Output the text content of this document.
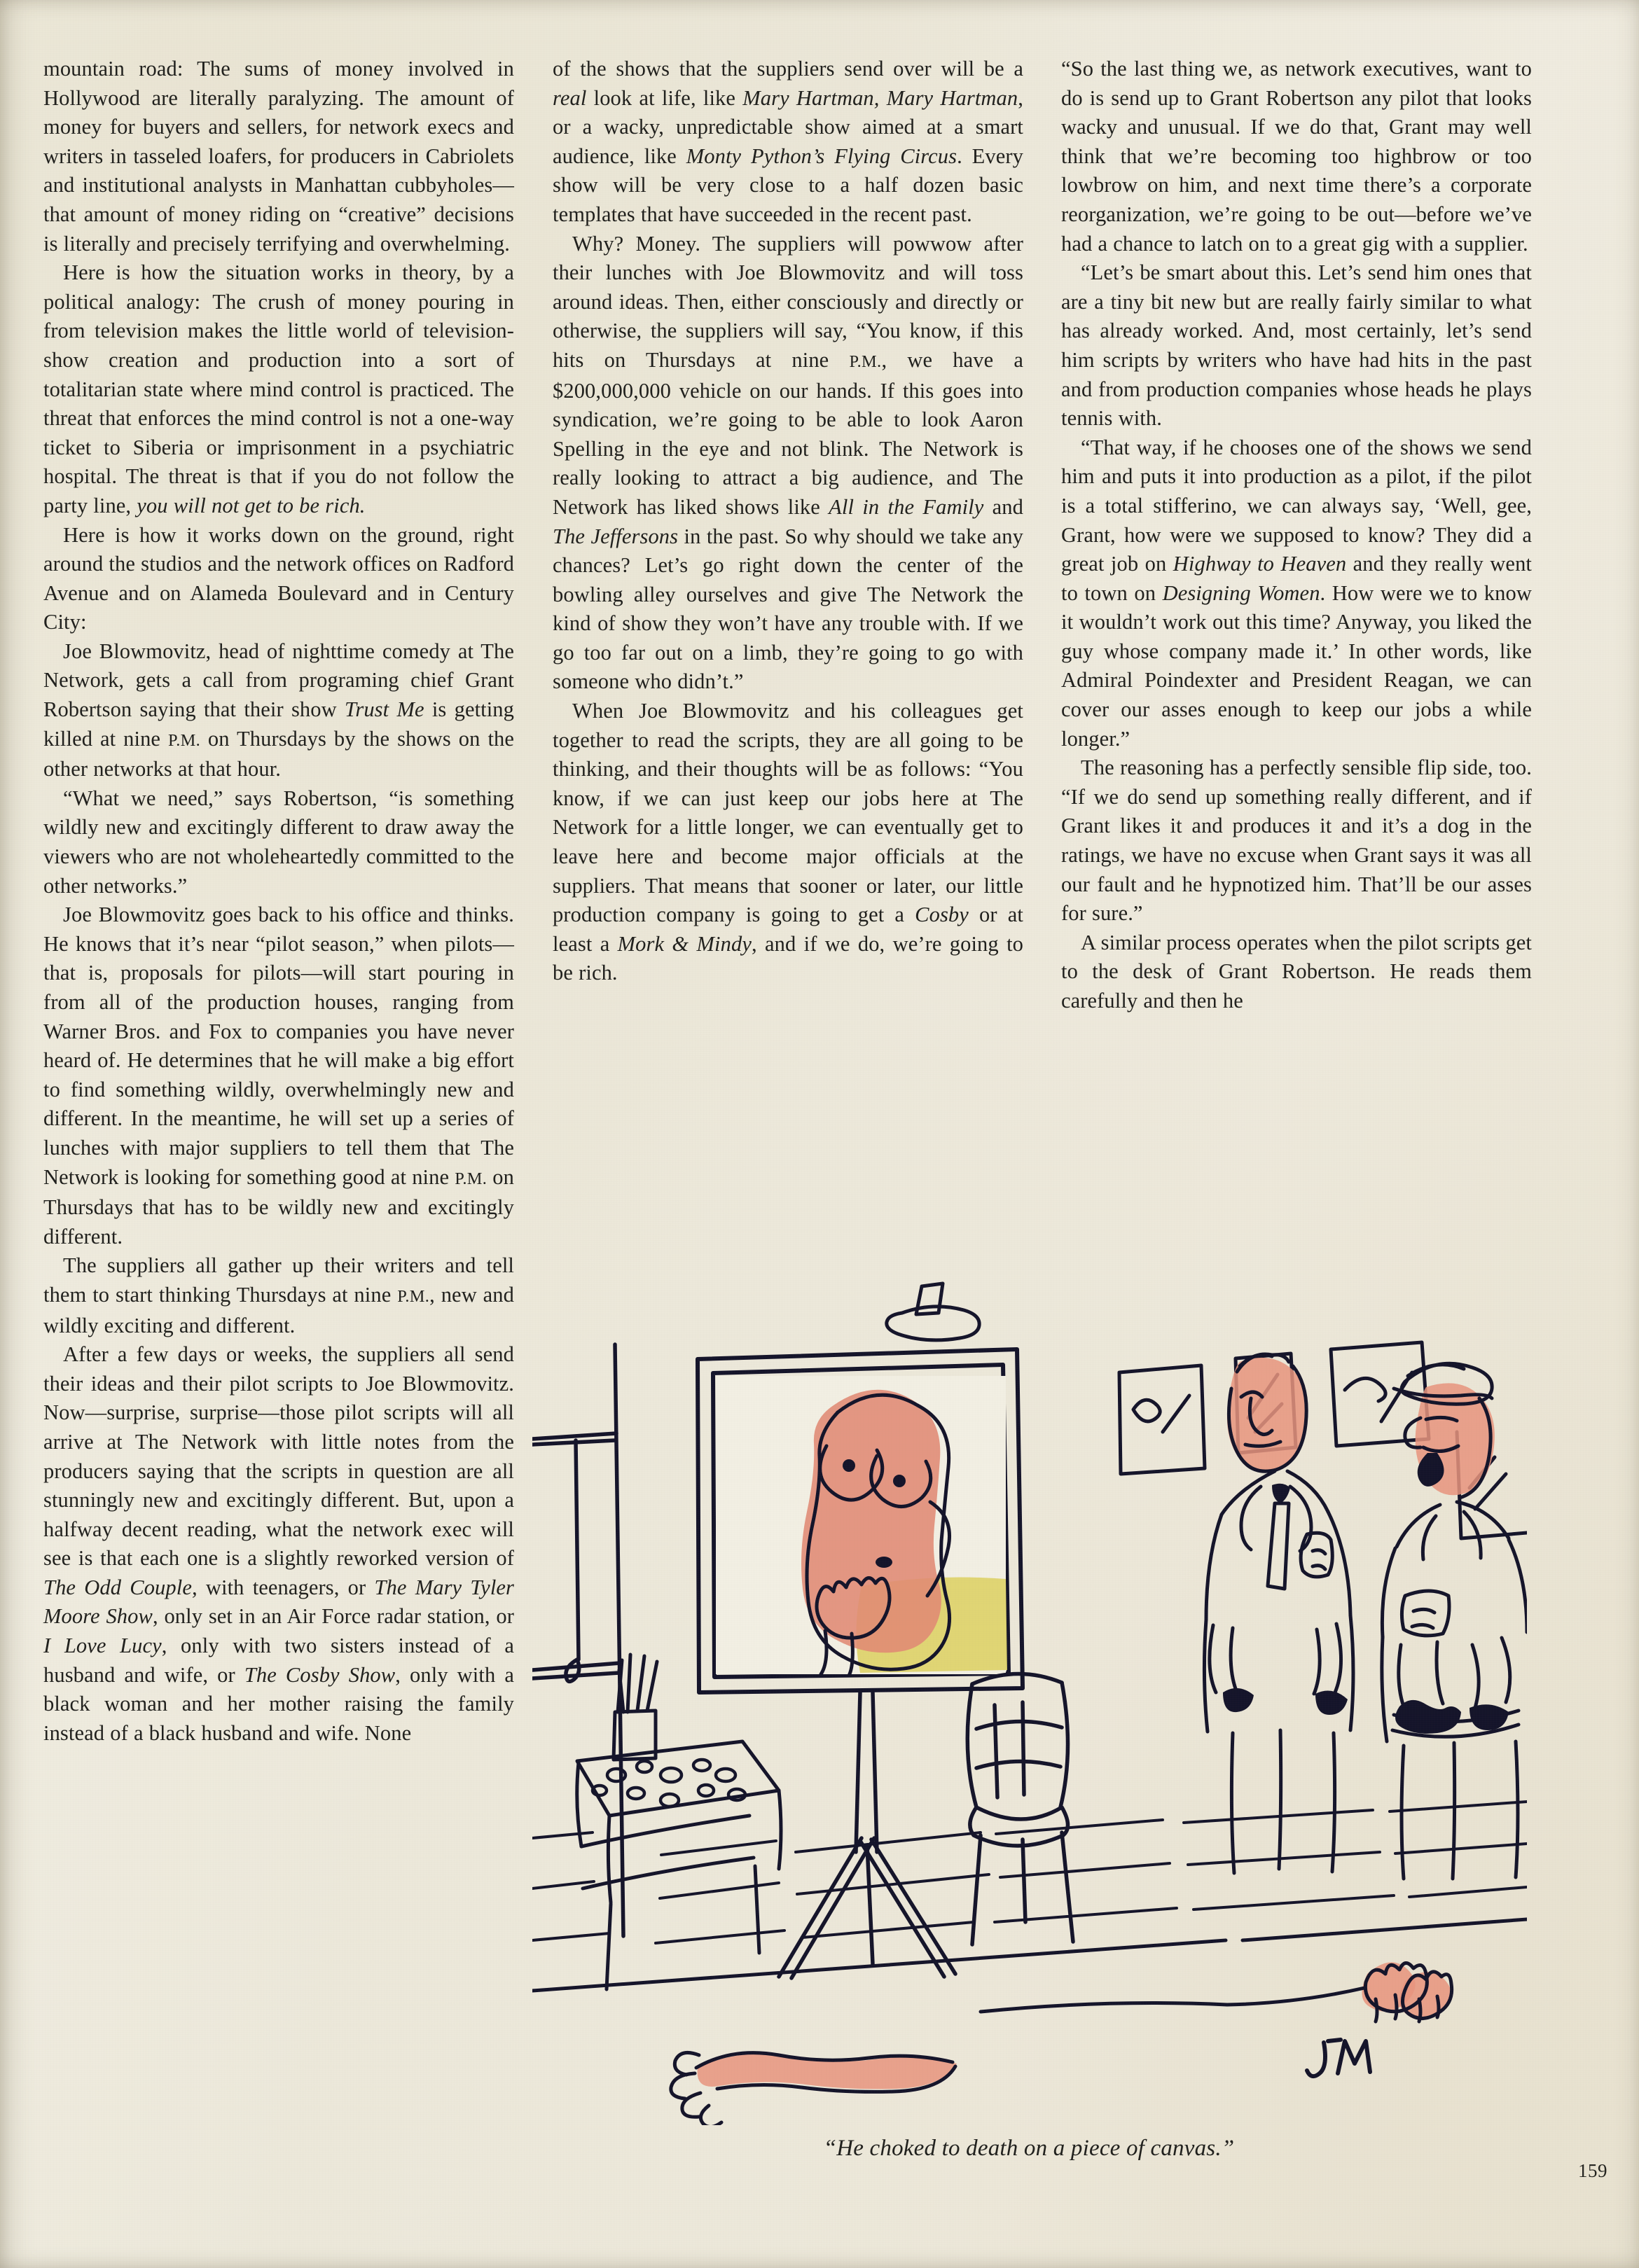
mountain road: The sums of money involved in Hollywood are literally paralyzing. The amount of money for buyers and sellers, for network execs and writers in tasseled loafers, for producers in Cabriolets and institutional analysts in Manhattan cubbyholes—that amount of money riding on “creative” decisions is literally and precisely terrifying and overwhelming.

Here is how the situation works in theory, by a political analogy: The crush of money pouring in from television makes the little world of television-show creation and production into a sort of totalitarian state where mind control is practiced. The threat that enforces the mind control is not a one-way ticket to Siberia or imprisonment in a psychiatric hospital. The threat is that if you do not follow the party line, you will not get to be rich.

Here is how it works down on the ground, right around the studios and the network offices on Radford Avenue and on Alameda Boulevard and in Century City:

Joe Blowmovitz, head of nighttime comedy at The Network, gets a call from programing chief Grant Robertson saying that their show Trust Me is getting killed at nine P.M. on Thursdays by the shows on the other networks at that hour.

“What we need,” says Robertson, “is something wildly new and excitingly different to draw away the viewers who are not wholeheartedly committed to the other networks.”

Joe Blowmovitz goes back to his office and thinks. He knows that it’s near “pilot season,” when pilots—that is, proposals for pilots—will start pouring in from all of the production houses, ranging from Warner Bros. and Fox to companies you have never heard of. He determines that he will make a big effort to find something wildly, overwhelmingly new and different. In the meantime, he will set up a series of lunches with major suppliers to tell them that The Network is looking for something good at nine P.M. on Thursdays that has to be wildly new and excitingly different.

The suppliers all gather up their writers and tell them to start thinking Thursdays at nine P.M., new and wildly exciting and different.

After a few days or weeks, the suppliers all send their ideas and their pilot scripts to Joe Blowmovitz. Now—surprise, surprise—those pilot scripts will all arrive at The Network with little notes from the producers saying that the scripts in question are all stunningly new and excitingly different. But, upon a halfway decent reading, what the network exec will see is that each one is a slightly reworked version of The Odd Couple, with teenagers, or The Mary Tyler Moore Show, only set in an Air Force radar station, or I Love Lucy, only with two sisters instead of a husband and wife, or The Cosby Show, only with a black woman and her mother raising the family instead of a black husband and wife. None

of the shows that the suppliers send over will be a real look at life, like Mary Hartman, Mary Hartman, or a wacky, unpredictable show aimed at a smart audience, like Monty Python’s Flying Circus. Every show will be very close to a half dozen basic templates that have succeeded in the recent past.

Why? Money. The suppliers will powwow after their lunches with Joe Blowmovitz and will toss around ideas. Then, either consciously and directly or otherwise, the suppliers will say, “You know, if this hits on Thursdays at nine P.M., we have a $200,000,000 vehicle on our hands. If this goes into syndication, we’re going to be able to look Aaron Spelling in the eye and not blink. The Network is really looking to attract a big audience, and The Network has liked shows like All in the Family and The Jeffersons in the past. So why should we take any chances? Let’s go right down the center of the bowling alley ourselves and give The Network the kind of show they won’t have any trouble with. If we go too far out on a limb, they’re going to go with someone who didn’t.”

When Joe Blowmovitz and his colleagues get together to read the scripts, they are all going to be thinking, and their thoughts will be as follows: “You know, if we can just keep our jobs here at The Network for a little longer, we can eventually get to leave here and become major officials at the suppliers. That means that sooner or later, our little production company is going to get a Cosby or at least a Mork & Mindy, and if we do, we’re going to be rich.

“So the last thing we, as network executives, want to do is send up to Grant Robertson any pilot that looks wacky and unusual. If we do that, Grant may well think that we’re becoming too highbrow or too lowbrow on him, and next time there’s a corporate reorganization, we’re going to be out—before we’ve had a chance to latch on to a great gig with a supplier.

“Let’s be smart about this. Let’s send him ones that are a tiny bit new but are really fairly similar to what has already worked. And, most certainly, let’s send him scripts by writers who have had hits in the past and from production companies whose heads he plays tennis with.

“That way, if he chooses one of the shows we send him and puts it into production as a pilot, if the pilot is a total stifferino, we can always say, ‘Well, gee, Grant, how were we supposed to know? They did a great job on Highway to Heaven and they really went to town on Designing Women. How were we to know it wouldn’t work out this time? Anyway, you liked the guy whose company made it.’ In other words, like Admiral Poindexter and President Reagan, we can cover our asses enough to keep our jobs a while longer.”

The reasoning has a perfectly sensible flip side, too. “If we do send up something really different, and if Grant likes it and produces it and it’s a dog in the ratings, we have no excuse when Grant says it was all our fault and he hypnotized him. That’ll be our asses for sure.”

A similar process operates when the pilot scripts get to the desk of Grant Robertson. He reads them carefully and then he

“He choked to death on a piece of canvas.”
159
